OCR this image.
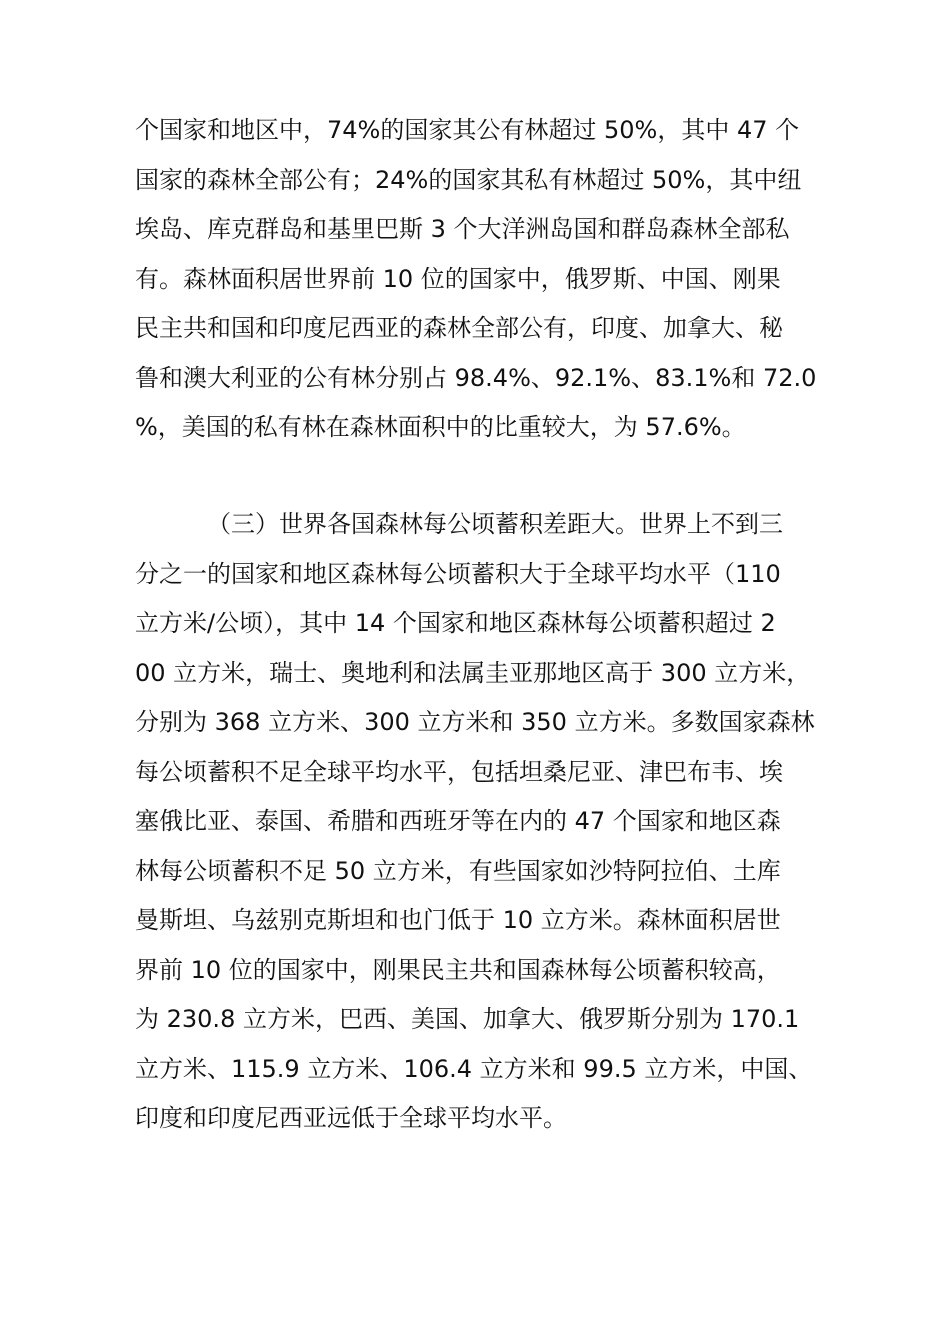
个国家和地区中，74%的国家其公有林超过 50%，其中 47 个
国家的森林全部公有；24%的国家其私有林超过 50%，其中纽
埃岛、库克群岛和基里巴斯 3 个大洋洲岛国和群岛森林全部私
有。森林面积居世界前 10 位的国家中，俄罗斯、中国、刚果
民主共和国和印度尼西亚的森林全部公有，印度、加拿大、秘
鲁和澳大利亚的公有林分别占 98.4%、92.1%、83.1%和 72.0
%，美国的私有林在森林面积中的比重较大，为 57.6%。
（三）世界各国森林每公顷蓄积差距大。世界上不到三
分之一的国家和地区森林每公顷蓄积大于全球平均水平（110
立方米/公顷），其中 14 个国家和地区森林每公顷蓄积超过 2
00 立方米，瑞士、奥地利和法属圭亚那地区高于 300 立方米，
分别为 368 立方米、300 立方米和 350 立方米。多数国家森林
每公顷蓄积不足全球平均水平，包括坦桑尼亚、津巴布韦、埃
塞俄比亚、泰国、希腊和西班牙等在内的 47 个国家和地区森
林每公顷蓄积不足 50 立方米，有些国家如沙特阿拉伯、土库
曼斯坦、乌兹别克斯坦和也门低于 10 立方米。森林面积居世
界前 10 位的国家中，刚果民主共和国森林每公顷蓄积较高，
为 230.8 立方米，巴西、美国、加拿大、俄罗斯分别为 170.1
立方米、115.9 立方米、106.4 立方米和 99.5 立方米，中国、
印度和印度尼西亚远低于全球平均水平。
